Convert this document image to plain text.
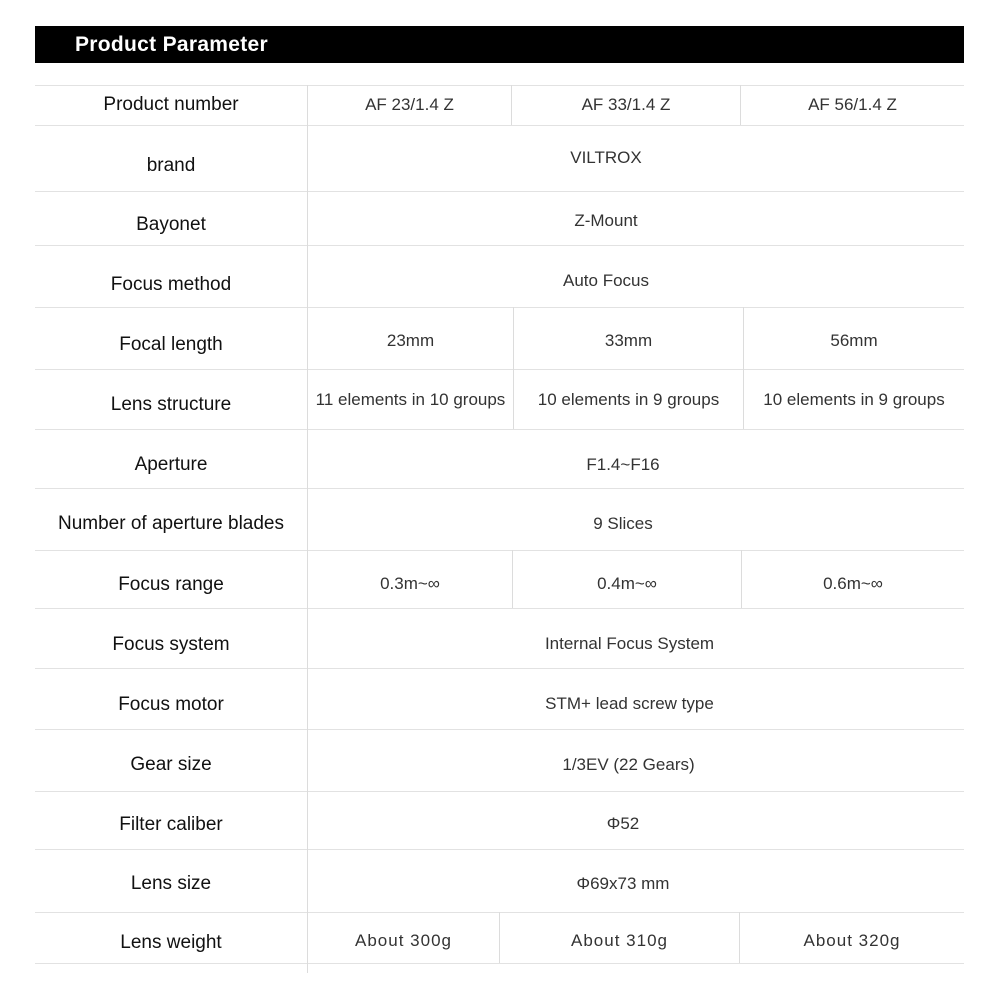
Product Parameter
Product number	AF 23/1.4 Z	AF 33/1.4 Z	AF 56/1.4 Z
brand	VILTROX
Bayonet	Z-Mount
Focus method	Auto Focus
Focal length	23mm	33mm	56mm
Lens structure	11 elements in 10 groups	10 elements in 9 groups	10 elements in 9 groups
Aperture	F1.4~F16
Number of aperture blades	9 Slices
Focus range	0.3m~∞	0.4m~∞	0.6m~∞
Focus system	Internal Focus System
Focus motor	STM+ lead screw type
Gear size	1/3EV (22 Gears)
Filter caliber	Φ52
Lens size	Φ69x73 mm
Lens weight	About 300g	About 310g	About 320g
